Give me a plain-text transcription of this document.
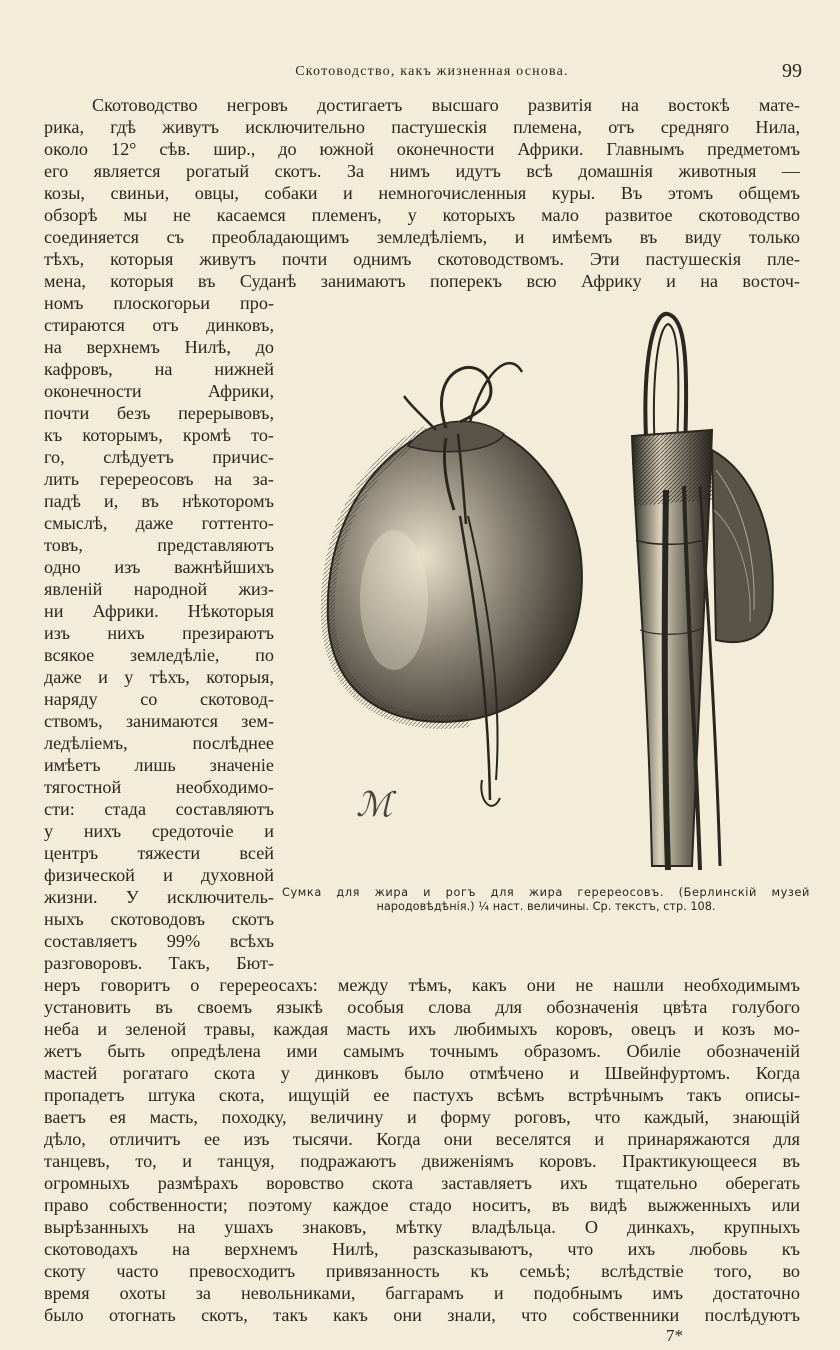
Скотоводство, какъ жизненная основа.	99
Скотоводство негровъ достигаетъ высшаго развитія на востокѣ мате-
рика, гдѣ живутъ исключительно пастушескія племена, отъ средняго Нила,
около 12° сѣв. шир., до южной оконечности Африки. Главнымъ предметомъ
его является рогатый скотъ. За нимъ идутъ всѣ домашнія животныя —
козы, свиньи, овцы, собаки и немногочисленныя куры. Въ этомъ общемъ
обзорѣ мы не касаемся племенъ, у которыхъ мало развитое скотоводство
соединяется съ преобладающимъ земледѣліемъ, и имѣемъ въ виду только
тѣхъ, которыя живутъ почти однимъ скотоводствомъ. Эти пастушескія пле-
мена, которыя въ Суданѣ занимаютъ поперекъ всю Африку и на восточ-
номъ плоскогорьи про-
стираются отъ динковъ,
на верхнемъ Нилѣ, до
кафровъ, на нижней
оконечности Африки,
почти безъ перерывовъ,
къ которымъ, кромѣ то-
го, слѣдуетъ причис-
лить геререосовъ на за-
падѣ и, въ нѣкоторомъ
смыслѣ, даже готтенто-
товъ, представляютъ
одно изъ важнѣйшихъ
явленій народной жиз-
ни Африки. Нѣкоторыя
изъ нихъ презираютъ
всякое земледѣліе, по
даже и у тѣхъ, которыя,
наряду со скотовод-
ствомъ, занимаются зем-
ледѣліемъ, послѣднее
имѣетъ лишь значеніе
тягостной необходимо-
сти: стада составляютъ
у нихъ средоточіе и
центръ тяжести всей
физической и духовной
жизни. У исключитель-
ныхъ скотоводовъ скотъ
составляетъ 99% всѣхъ
разговоровъ. Такъ, Бют-
ℳ
Сумка для жира и рогъ для жира геререосовъ. (Берлинскій музей
народовѣдѣнія.) ¼ наст. величины. Ср. текстъ, стр. 108.
неръ говоритъ о геререосахъ: между тѣмъ, какъ они не нашли необходимымъ
установить въ своемъ языкѣ особыя слова для обозначенія цвѣта голубого
неба и зеленой травы, каждая масть ихъ любимыхъ коровъ, овецъ и козъ мо-
жетъ быть опредѣлена ими самымъ точнымъ образомъ. Обиліе обозначеній
мастей рогатаго скота у динковъ было отмѣчено и Швейнфуртомъ. Когда
пропадетъ штука скота, ищущій ее пастухъ всѣмъ встрѣчнымъ такъ описы-
ваетъ ея масть, походку, величину и форму роговъ, что каждый, знающій
дѣло, отличитъ ее изъ тысячи. Когда они веселятся и принаряжаются для
танцевъ, то, и танцуя, подражаютъ движеніямъ коровъ. Практикующееся въ
огромныхъ размѣрахъ воровство скота заставляетъ ихъ тщательно оберегать
право собственности; поэтому каждое стадо носитъ, въ видѣ выжженныхъ или
вырѣзанныхъ на ушахъ знаковъ, мѣтку владѣльца. О динкахъ, крупныхъ
скотоводахъ на верхнемъ Нилѣ, разсказываютъ, что ихъ любовь къ
скоту часто превосходитъ привязанность къ семьѣ; вслѣдствіе того, во
время охоты за невольниками, баггарамъ и подобнымъ имъ достаточно
было отогнать скотъ, такъ какъ они знали, что собственники послѣдуютъ
7*
